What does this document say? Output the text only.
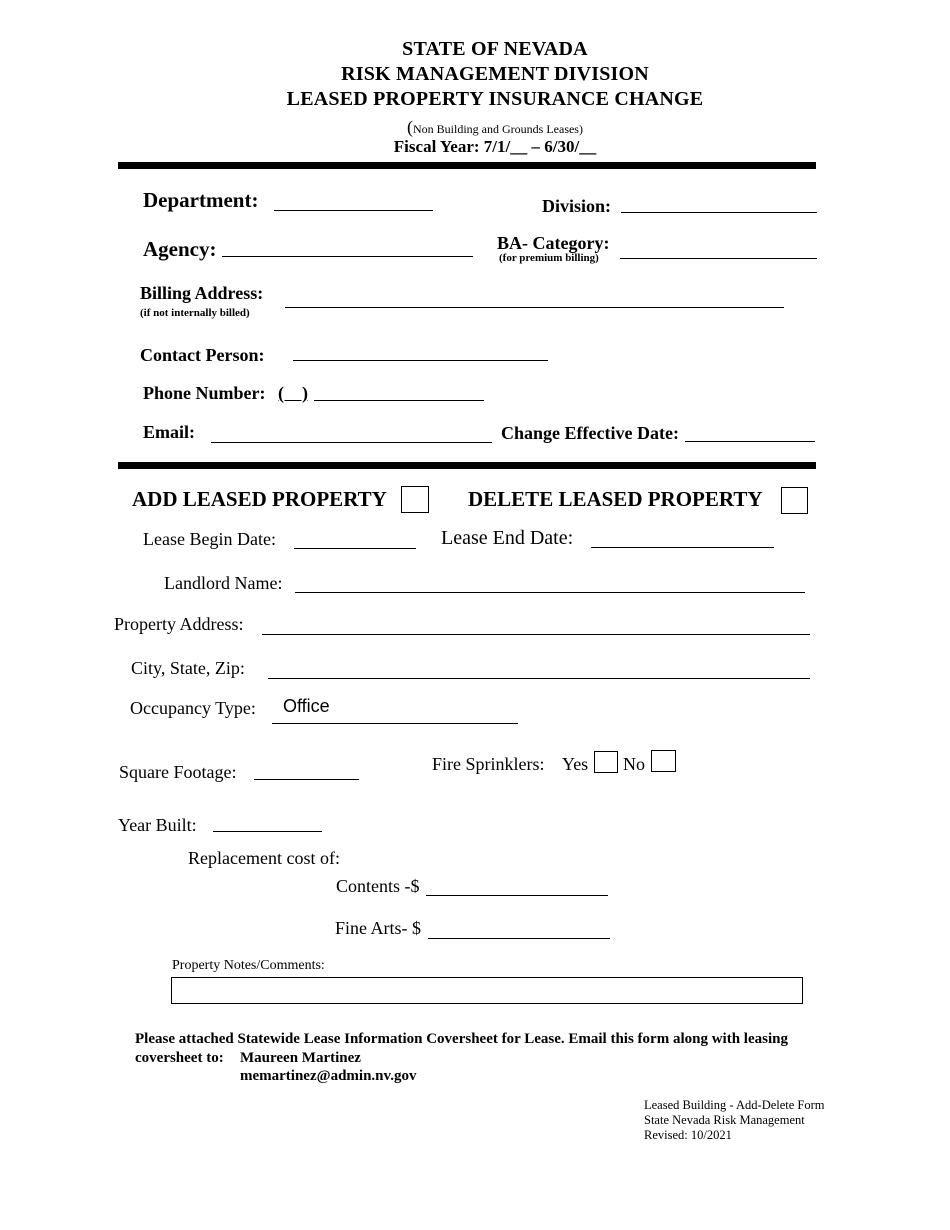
STATE OF NEVADA
RISK MANAGEMENT DIVISION
LEASED PROPERTY INSURANCE CHANGE
(Non Building and Grounds Leases)
Fiscal Year: 7/1/__ – 6/30/__
Department:	Division:
Agency:	BA- Category:
(for premium billing)
Billing Address:
(if not internally billed)
Contact Person:
Phone Number: (    )
Email:	Change Effective Date:
ADD LEASED PROPERTY	DELETE LEASED PROPERTY
Lease Begin Date:	Lease End Date:
Landlord Name:
Property Address:
City, State, Zip:
Occupancy Type: Office
Square Footage:	Fire Sprinklers: Yes No
Year Built:
Replacement cost of:
Contents -$
Fine Arts- $
Property Notes/Comments:
Please attached Statewide Lease Information Coversheet for Lease. Email this form along with leasing
coversheet to: Maureen Martinez
memartinez@admin.nv.gov
Leased Building - Add-Delete Form
State Nevada Risk Management
Revised: 10/2021
